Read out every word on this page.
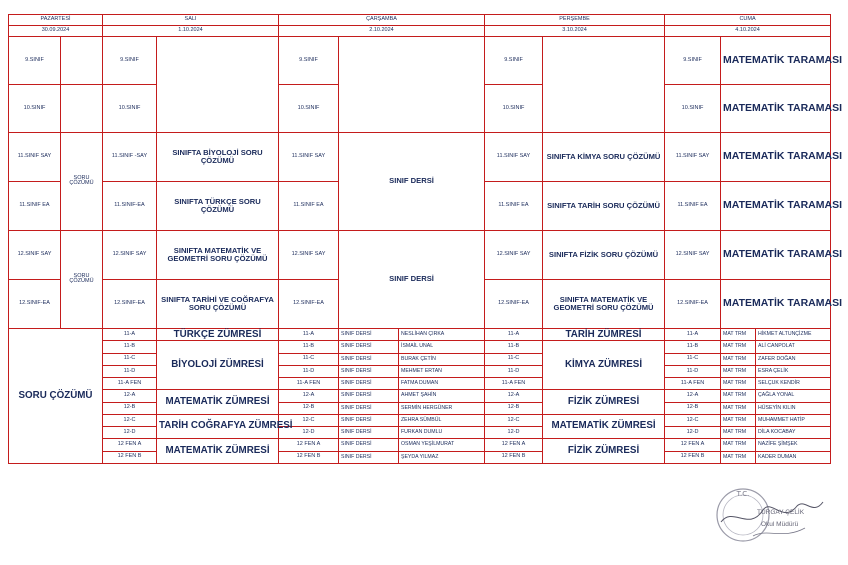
PAZARTESİ		SALI		ÇARŞAMBA			PERŞEMBE		CUMA		
30.09.2024		1.10.2024		2.10.2024			3.10.2024		4.10.2024		
9.SINIF		9.SINIF		9.SINIF			9.SINIF		9.SINIF	MATEMATİK TARAMASI	
10.SINIF		10.SINIF		10.SINIF			10.SINIF		10.SINIF	MATEMATİK TARAMASI	
11.SINIF SAY	SORU ÇÖZÜMÜ	11.SINIF -SAY	SINIFTA BİYOLOJİ SORU ÇÖZÜMÜ	11.SINIF SAY	SINIF DERSİ		11.SINIF SAY	SINIFTA KİMYA SORU ÇÖZÜMÜ	11.SINIF SAY	MATEMATİK TARAMASI	
11.SINIF EA		11.SINIF-EA	SINIFTA TÜRKÇE SORU ÇÖZÜMÜ	11.SINIF EA			11.SINIF EA	SINIFTA TARİH SORU ÇÖZÜMÜ	11.SINIF EA	MATEMATİK TARAMASI	
12.SINIF SAY	SORU ÇÖZÜMÜ	12.SINIF SAY	SINIFTA MATEMATİK VE GEOMETRİ SORU ÇÖZÜMÜ	12.SINIF SAY	SINIF DERSİ		12.SINIF SAY	SINIFTA FİZİK SORU ÇÖZÜMÜ	12.SINIF SAY	MATEMATİK TARAMASI	
12.SINIF-EA		12.SINIF-EA	SINIFTA TARİHİ VE COĞRAFYA SORU ÇÖZÜMÜ	12.SINIF-EA			12.SINIF-EA	SINIFTA MATEMATİK VE GEOMETRİ SORU ÇÖZÜMÜ	12.SINIF-EA	MATEMATİK TARAMASI	
SORU ÇÖZÜMÜ		11-A	TÜRKÇE ZÜMRESİ	11-A	SINIF DERSİ	NESLİHAN ÇIRKA	11-A	TARİH ZÜMRESİ	11-A	MAT TRM	HİKMET ALTUNÇİZME
		11-B	BİYOLOJİ ZÜMRESİ	11-B	SINIF DERSİ	İSMAİL UNAL	11-B	KİMYA ZÜMRESİ	11-B	MAT TRM	ALİ CANPOLAT
		11-C		11-C	SINIF DERSİ	BURAK ÇETİN	11-C		11-C	MAT TRM	ZAFER DOĞAN
		11-D		11-D	SINIF DERSİ	MEHMET ERTAN	11-D		11-D	MAT TRM	ESRA ÇELİK
		11-A FEN		11-A FEN	SINIF DERSİ	FATMA DUMAN	11-A FEN		11-A FEN	MAT TRM	SELÇUK KENDİR
		12-A	MATEMATİK ZÜMRESİ	12-A	SINIF DERSİ	AHMET ŞAHİN	12-A	FİZİK ZÜMRESİ	12-A	MAT TRM	ÇAĞLA YONAL
		12-B		12-B	SINIF DERSİ	SERMİN HERGÜNER	12-B		12-B	MAT TRM	HÜSEYİN KILIN
		12-C	TARİH COĞRAFYA ZÜMRESİ	12-C	SINIF DERSİ	ZEHRA SÜMBÜL	12-C	MATEMATİK ZÜMRESİ	12-C	MAT TRM	MUHAMMET HATİP
		12-D		12-D	SINIF DERSİ	FURKAN DUMLU	12-D		12-D	MAT TRM	DİLA KOCABAY
		12 FEN A	MATEMATİK ZÜMRESİ	12 FEN A	SINIF DERSİ	OSMAN YEŞİLMURAT	12 FEN A	FİZİK ZÜMRESİ	12 FEN A	MAT TRM	NAZİFE ŞİMŞEK
		12 FEN B		12 FEN B	SINIF DERSİ	ŞEYDA YILMAZ	12 FEN B		12 FEN B	MAT TRM	KADER DUMAN
T.C.
TURGAY ÇELİK
Okul Müdürü
